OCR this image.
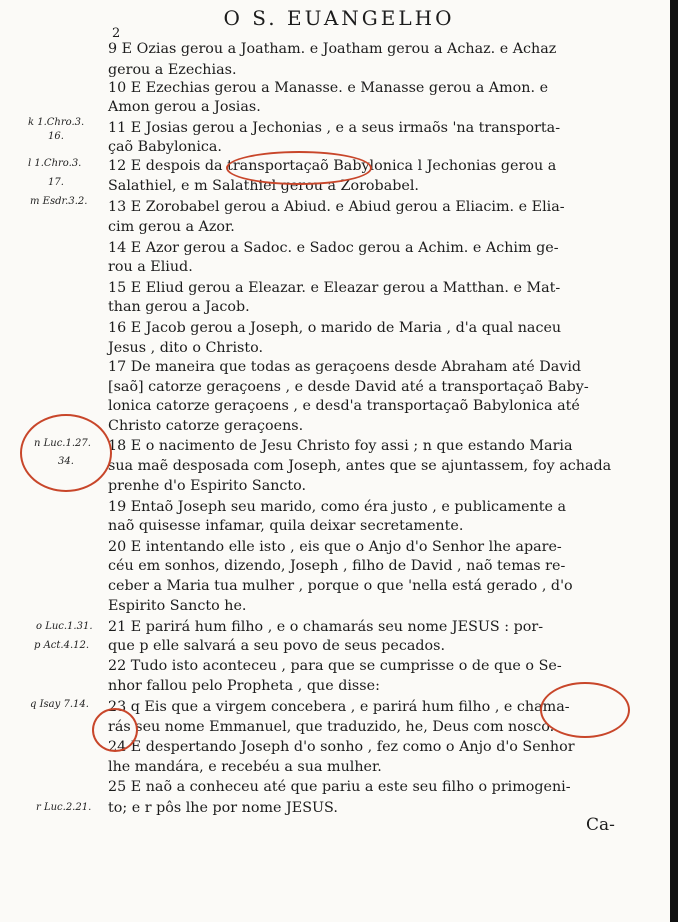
2
O S. EUANGELHO
9 E Ozias gerou a Joatham. e Joatham gerou a Achaz. e Achaz
gerou a Ezechias.
10 E Ezechias gerou a Manasse. e Manasse gerou a Amon. e
Amon gerou a Josias.
11 E Josias gerou a Jechonias , e a seus irmaõs 'na transporta-
çaõ Babylonica.
12 E despois da transportaçaõ Babylonica l Jechonias gerou a
Salathiel, e m Salathiel gerou a Zorobabel.
13 E Zorobabel gerou a Abiud. e Abiud gerou a Eliacim. e Elia-
cim gerou a Azor.
14 E Azor gerou a Sadoc. e Sadoc gerou a Achim. e Achim ge-
rou a Eliud.
15 E Eliud gerou a Eleazar. e Eleazar gerou a Matthan. e Mat-
than gerou a Jacob.
16 E Jacob gerou a Joseph, o marido de Maria , d'a qual naceu
Jesus , dito o Christo.
17 De maneira que todas as geraçoens desde Abraham até David
[saõ] catorze geraçoens , e desde David até a transportaçaõ Baby-
lonica catorze geraçoens , e desd'a transportaçaõ Babylonica até
Christo catorze geraçoens.
18 E o nacimento de Jesu Christo foy assi ; n que estando Maria
sua maẽ desposada com Joseph, antes que se ajuntassem, foy achada
prenhe d'o Espirito Sancto.
19 Entaõ Joseph seu marido, como éra justo , e publicamente a
naõ quisesse infamar, quila deixar secretamente.
20 E intentando elle isto , eis que o Anjo d'o Senhor lhe apare-
céu em sonhos, dizendo, Joseph , filho de David , naõ temas re-
ceber a Maria tua mulher , porque o que 'nella está gerado , d'o
Espirito Sancto he.
21 E parirá hum filho , e o chamarás seu nome JESUS : por-
que p elle salvará a seu povo de seus pecados.
22 Tudo isto aconteceu , para que se cumprisse o de que o Se-
nhor fallou pelo Propheta , que disse:
23 q Eis que a virgem concebera , e parirá hum filho , e chama-
rás seu nome Emmanuel, que traduzido, he, Deus com nosco.
24 E despertando Joseph d'o sonho , fez como o Anjo d'o Senhor
lhe mandára, e recebéu a sua mulher.
25 E naõ a conheceu até que pariu a este seu filho o primogeni-
to; e r pôs lhe por nome JESUS.
k 1.Chro.3.
16.
l 1.Chro.3.
17.
m Esdr.3.2.
n Luc.1.27.
34.
o Luc.1.31.
p Act.4.12.
q Isay 7.14.
r Luc.2.21.
Ca-
